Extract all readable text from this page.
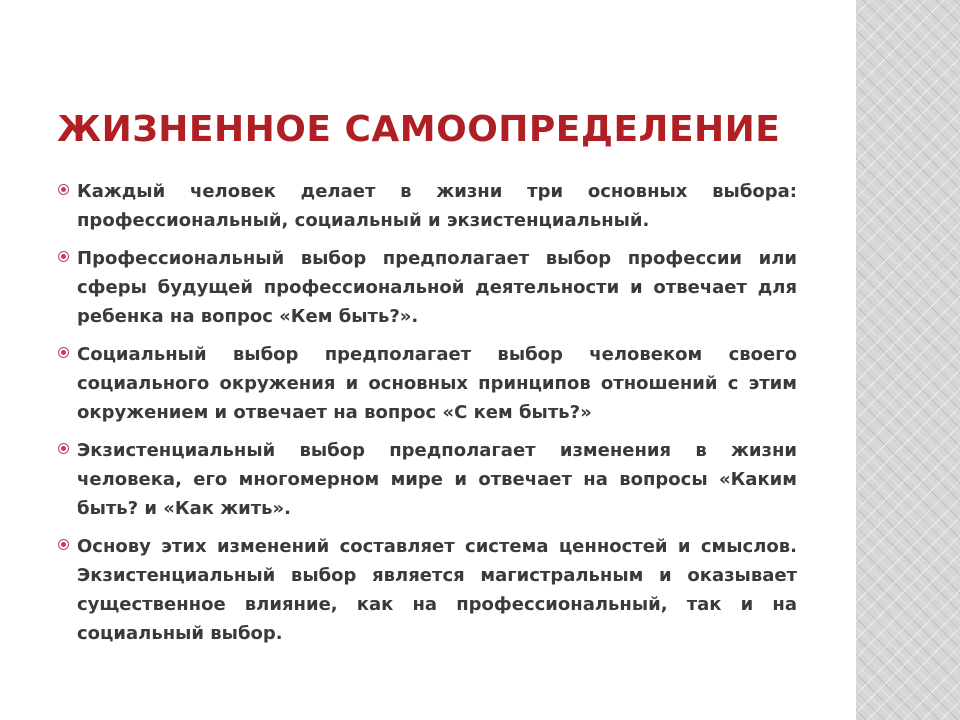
ЖИЗНЕННОЕ САМООПРЕДЕЛЕНИЕ
Каждый человек делает в жизни три основных выбора: профессиональный, социальный и экзистенциальный.
Профессиональный выбор предполагает выбор профессии или сферы будущей профессиональной деятельности и отвечает для ребенка на вопрос «Кем быть?».
Социальный выбор предполагает выбор человеком своего социального окружения и основных принципов отношений с этим окружением и отвечает на вопрос «С кем быть?»
Экзистенциальный выбор предполагает изменения в жизни человека, его многомерном мире и отвечает на вопросы «Каким быть? и «Как жить».
Основу этих изменений составляет система ценностей и смыслов. Экзистенциальный выбор является магистральным и оказывает существенное влияние, как на профессиональный, так и на социальный выбор.
